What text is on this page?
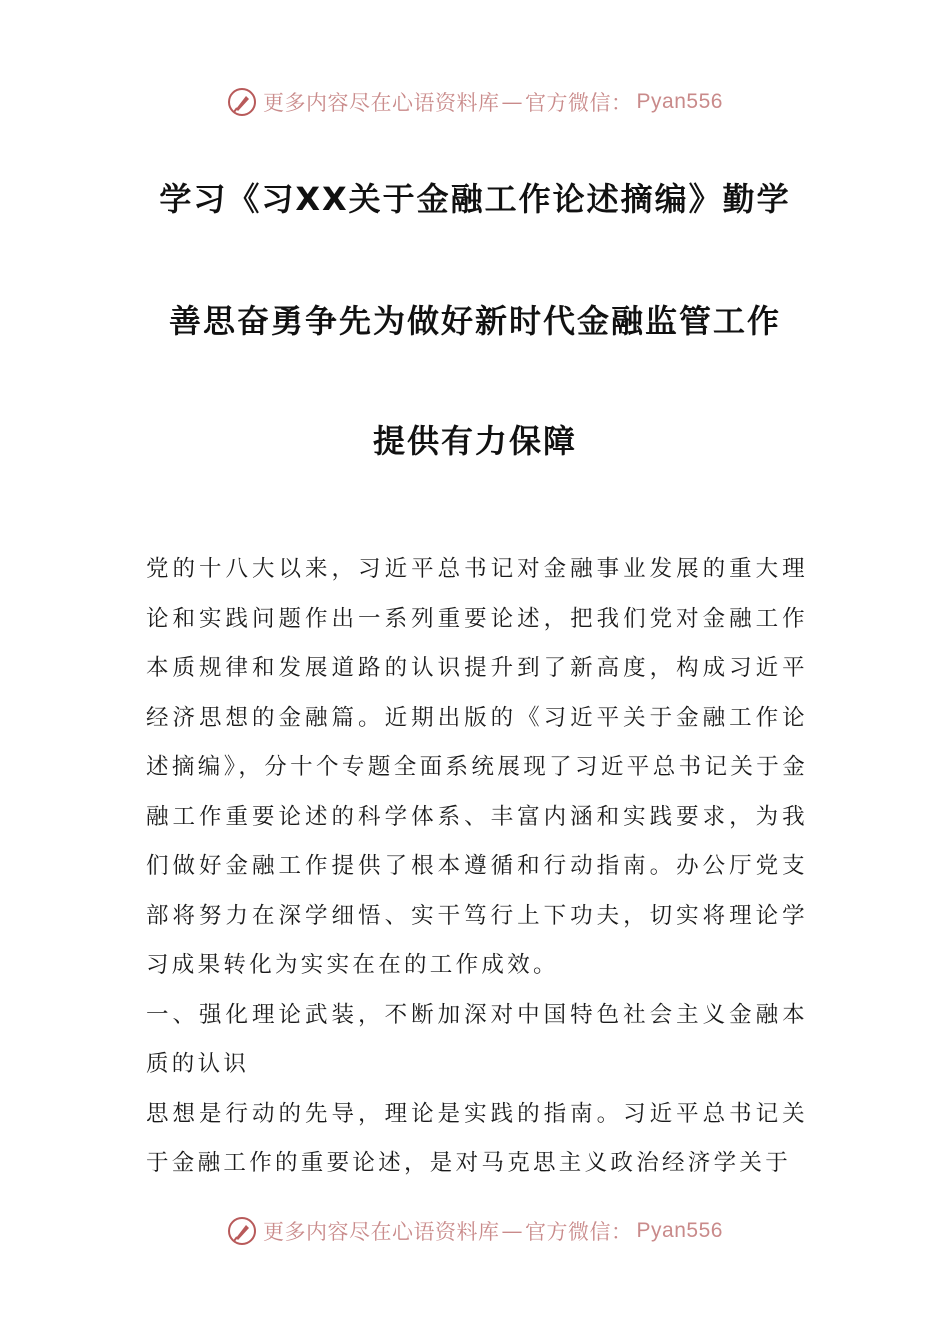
更多内容尽在心语资料库 — 官方微信： Pyan556
学习《习XX关于金融工作论述摘编》勤学
善思奋勇争先为做好新时代金融监管工作
提供有力保障

党的十八大以来，习近平总书记对金融事业发展的重大理论和实践问题作出一系列重要论述，把我们党对金融工作本质规律和发展道路的认识提升到了新高度，构成习近平经济思想的金融篇。近期出版的《习近平关于金融工作论述摘编》，分十个专题全面系统展现了习近平总书记关于金融工作重要论述的科学体系、丰富内涵和实践要求，为我们做好金融工作提供了根本遵循和行动指南。办公厅党支部将努力在深学细悟、实干笃行上下功夫，切实将理论学习成果转化为实实在在的工作成效。

一、强化理论武装，不断加深对中国特色社会主义金融本质的认识

思想是行动的先导，理论是实践的指南。习近平总书记关于金融工作的重要论述，是对马克思主义政治经济学关于

更多内容尽在心语资料库 — 官方微信： Pyan556
